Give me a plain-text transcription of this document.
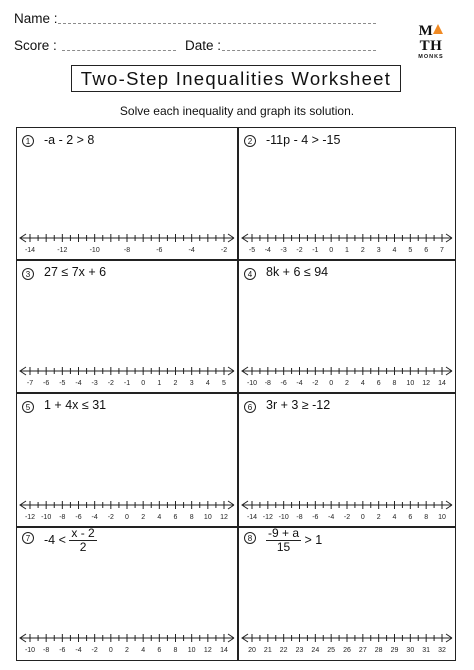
Name :
Score :	Date :
MTH
MONKS
Two-Step Inequalities Worksheet
Solve each inequality and graph its solution.
1	-a - 2 > 8	2	-11p - 4 > -15
3	27 ≤ 7x + 6	4	8k + 6 ≤ 94
5	1 + 4x ≤ 31	6	3r + 3 ≥ -12
7	$-4 < \frac{x - 2}{2}$	8	$\frac{-9 + a}{15} > 1$
-14	-12	-10	-8	-6	-4	-2	-5 -4 -3 -2 -1 0 1 2 3 4 5 6 7
-7 -6 -5 -4 -3 -2 -1 0 1 2 3 4 5	-10 -8 -6 -4 -2 0 2 4 6 8 10 12 14
-12 -10 -8 -6 -4 -2 0 2 4 6 8 10 12	-14 -12 -10 -8 -6 -4 -2 0 2 4 6 8 10
-10 -8 -6 -4 -2 0 2 4 6 8 10 12 14	20 21 22 23 24 25 26 27 28 29 30 31 32
